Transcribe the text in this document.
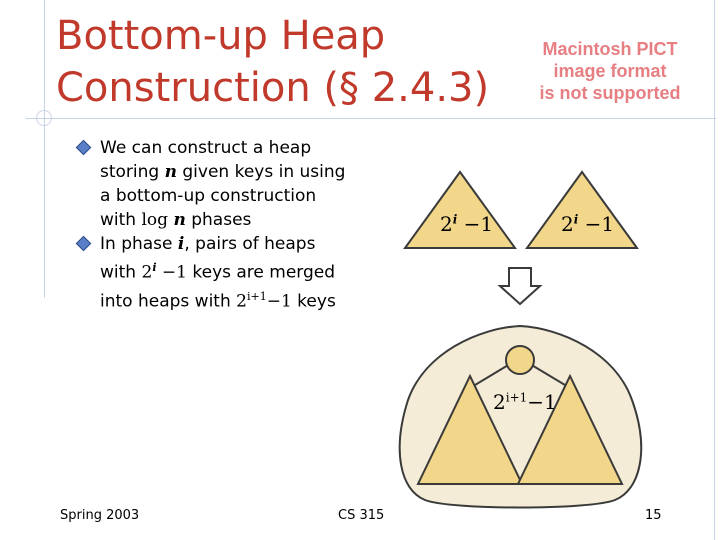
Bottom-up Heap
Construction (§ 2.4.3)
Macintosh PICT
image format
is not supported
We can construct a heap
storing n given keys in using
a bottom-up construction
with log n phases
In phase i, pairs of heaps
with $2^i -1$ keys are merged
into heaps with $2^{i+1}-1$ keys
$2^i -1$	$2^i -1$
$2^{i+1}-1$
Spring 2003	CS 315	15
